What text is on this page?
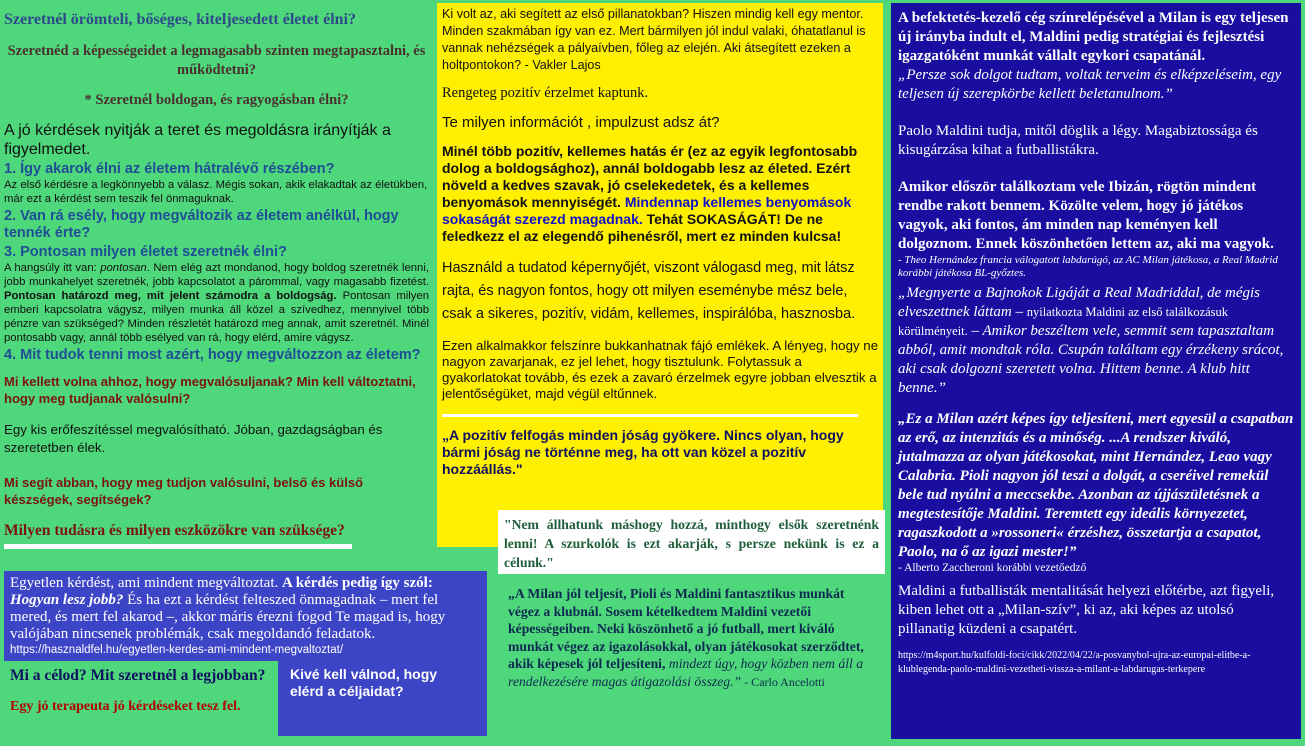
Szeretnél örömteli, bőséges, kiteljesedett életet élni?

Szeretnéd a képességeidet a legmagasabb szinten megtapasztalni, és működtetni?

* Szeretnél boldogan, és ragyogásban élni?

A jó kérdések nyitják a teret és megoldásra irányítják a figyelmedet.

1. Így akarok élni az életem hátralévő részében?

Az első kérdésre a legkönnyebb a válasz. Mégis sokan, akik elakadtak az életükben, már ezt a kérdést sem teszik fel önmaguknak.

2. Van rá esély, hogy megváltozik az életem anélkül, hogy tennék érte?

3. Pontosan milyen életet szeretnék élni?

A hangsúly itt van: pontosan. Nem elég azt mondanod, hogy boldog szeretnék lenni, jobb munkahelyet szeretnék, jobb kapcsolatot a párommal, vagy magasabb fizetést. Pontosan határozd meg, mit jelent számodra a boldogság. Pontosan milyen emberi kapcsolatra vágysz, milyen munka áll közel a szívedhez, mennyivel több pénzre van szükséged? Minden részletét határozd meg annak, amit szeretnél. Minél pontosabb vagy, annál több esélyed van rá, hogy elérd, amire vágysz.

4. Mit tudok tenni most azért, hogy megváltozzon az életem?

Mi kellett volna ahhoz, hogy megvalósuljanak? Min kell változtatni, hogy meg tudjanak valósulni?

Egy kis erőfeszítéssel megvalósítható. Jóban, gazdagságban és szeretetben élek.

Mi segít abban, hogy meg tudjon valósulni, belső és külső készségek, segítségek?

Milyen tudásra és milyen eszközökre van szüksége?

Egyetlen kérdést, ami mindent megváltoztat. A kérdés pedig így szól: Hogyan lesz jobb? És ha ezt a kérdést felteszed önmagadnak – mert fel mered, és mert fel akarod –, akkor máris érezni fogod Te magad is, hogy valójában nincsenek problémák, csak megoldandó feladatok.

https://hasznaldfel.hu/egyetlen-kerdes-ami-mindent-megvaltoztat/

Mi a célod? Mit szeretnél a legjobban?

Egy jó terapeuta jó kérdéseket tesz fel.

Kivé kell válnod, hogy elérd a céljaidat?

Ki volt az, aki segített az első pillanatokban? Hiszen mindig kell egy mentor. Minden szakmában így van ez. Mert bármilyen jól indul valaki, óhatatlanul is vannak nehézségek a pályaívben, főleg az elején. Aki átsegített ezeken a holtpontokon? - Vakler Lajos

Rengeteg pozitív érzelmet kaptunk.

Te milyen információt , impulzust adsz át?

Minél több pozitív, kellemes hatás ér (ez az egyik legfontosabb dolog a boldogsághoz), annál boldogabb lesz az életed. Ezért növeld a kedves szavak, jó cselekedetek, és a kellemes benyomások mennyiségét. Mindennap kellemes benyomások sokaságát szerezd magadnak. Tehát SOKASÁGÁT! De ne feledkezz el az elegendő pihenésről, mert ez minden kulcsa!

Használd a tudatod képernyőjét, viszont válogasd meg, mit látsz rajta, és nagyon fontos, hogy ott milyen eseménybe mész bele, csak a sikeres, pozitív, vidám, kellemes, inspirálóba, hasznosba.

Ezen alkalmakkor felszínre bukkanhatnak fájó emlékek. A lényeg, hogy ne nagyon zavarjanak, ez jel lehet, hogy tisztulunk. Folytassuk a gyakorlatokat tovább, és ezek a zavaró érzelmek egyre jobban elvesztik a jelentőségüket, majd végül eltűnnek.

„A pozitív felfogás minden jóság gyökere. Nincs olyan, hogy bármi jóság ne történne meg, ha ott van közel a pozitív hozzáállás."

"Nem állhatunk máshogy hozzá, minthogy elsők szeretnénk lenni! A szurkolók is ezt akarják, s persze nekünk is ez a célunk."

„A Milan jól teljesít, Pioli és Maldini fantasztikus munkát végez a klubnál. Sosem kételkedtem Maldini vezetői képességeiben. Neki köszönhető a jó futball, mert kiváló munkát végez az igazolásokkal, olyan játékosokat szerződtet, akik képesek jól teljesíteni, mindezt úgy, hogy közben nem áll a rendelkezésére magas átigazolási összeg.” - Carlo Ancelotti

A befektetés-kezelő cég színrelépésével a Milan is egy teljesen új irányba indult el, Maldini pedig stratégiai és fejlesztési igazgatóként munkát vállalt egykori csapatánál.

„Persze sok dolgot tudtam, voltak terveim és elképzeléseim, egy teljesen új szerepkörbe kellett beletanulnom.”

Paolo Maldini tudja, mitől döglik a légy. Magabiztossága és kisugárzása kihat a futballistákra.

Amikor először találkoztam vele Ibizán, rögtön mindent rendbe rakott bennem. Közölte velem, hogy jó játékos vagyok, aki fontos, ám minden nap keményen kell dolgoznom. Ennek köszönhetően lettem az, aki ma vagyok.

- Theo Hernández francia válogatott labdarúgó, az AC Milan játékosa, a Real Madrid korábbi játékosa BL-győztes.

„Megnyerte a Bajnokok Ligáját a Real Madriddal, de mégis elveszettnek láttam – nyilatkozta Maldini az első találkozásuk körülményeit. – Amikor beszéltem vele, semmit sem tapasztaltam abból, amit mondtak róla. Csupán találtam egy érzékeny srácot, aki csak dolgozni szeretett volna. Hittem benne. A klub hitt benne.”

„Ez a Milan azért képes így teljesíteni, mert egyesül a csapatban az erő, az intenzitás és a minőség. ...A rendszer kiváló, jutalmazza az olyan játékosokat, mint Hernández, Leao vagy Calabria. Pioli nagyon jól teszi a dolgát, a cseréivel remekül bele tud nyúlni a meccsekbe. Azonban az újjászületésnek a megtestesítője Maldini. Teremtett egy ideális környezetet, ragaszkodott a »rossoneri« érzéshez, összetartja a csapatot, Paolo, na ő az igazi mester!”

- Alberto Zaccheroni korábbi vezetőedző

Maldini a futballisták mentalitását helyezi előtérbe, azt figyeli, kiben lehet ott a „Milan-szív”, ki az, aki képes az utolsó pillanatig küzdeni a csapatért.

https://m4sport.hu/kulfoldi-foci/cikk/2022/04/22/a-posvanybol-ujra-az-europai-elitbe-a-klublegenda-paolo-maldini-vezetheti-vissza-a-milant-a-labdarugas-terkepere
